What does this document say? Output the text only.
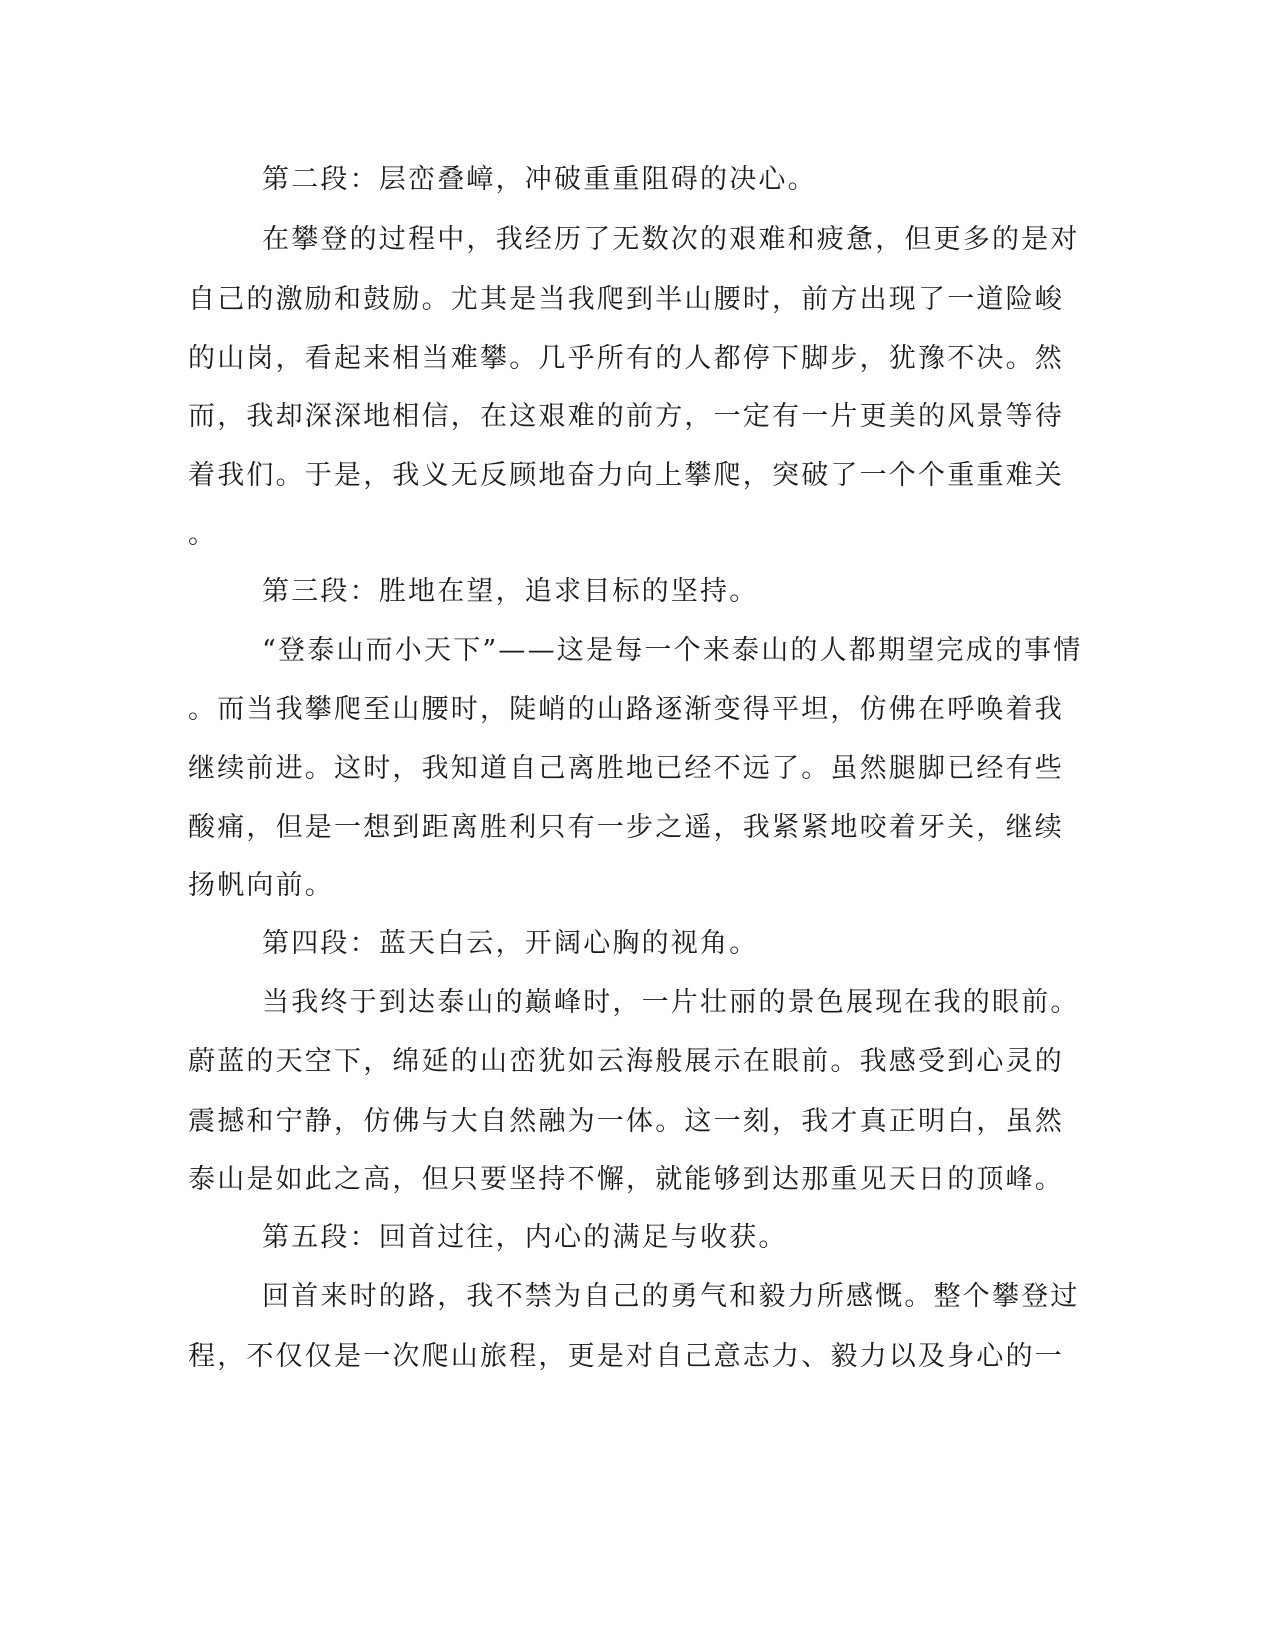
第二段：层峦叠嶂，冲破重重阻碍的决心。
在攀登的过程中，我经历了无数次的艰难和疲惫，但更多的是对
自己的激励和鼓励。尤其是当我爬到半山腰时，前方出现了一道险峻
的山岗，看起来相当难攀。几乎所有的人都停下脚步，犹豫不决。然
而，我却深深地相信，在这艰难的前方，一定有一片更美的风景等待
着我们。于是，我义无反顾地奋力向上攀爬，突破了一个个重重难关
。
第三段：胜地在望，追求目标的坚持。
“登泰山而小天下”——这是每一个来泰山的人都期望完成的事情
。而当我攀爬至山腰时，陡峭的山路逐渐变得平坦，仿佛在呼唤着我
继续前进。这时，我知道自己离胜地已经不远了。虽然腿脚已经有些
酸痛，但是一想到距离胜利只有一步之遥，我紧紧地咬着牙关，继续
扬帆向前。
第四段：蓝天白云，开阔心胸的视角。
当我终于到达泰山的巅峰时，一片壮丽的景色展现在我的眼前。
蔚蓝的天空下，绵延的山峦犹如云海般展示在眼前。我感受到心灵的
震撼和宁静，仿佛与大自然融为一体。这一刻，我才真正明白，虽然
泰山是如此之高，但只要坚持不懈，就能够到达那重见天日的顶峰。
第五段：回首过往，内心的满足与收获。
回首来时的路，我不禁为自己的勇气和毅力所感慨。整个攀登过
程，不仅仅是一次爬山旅程，更是对自己意志力、毅力以及身心的一
